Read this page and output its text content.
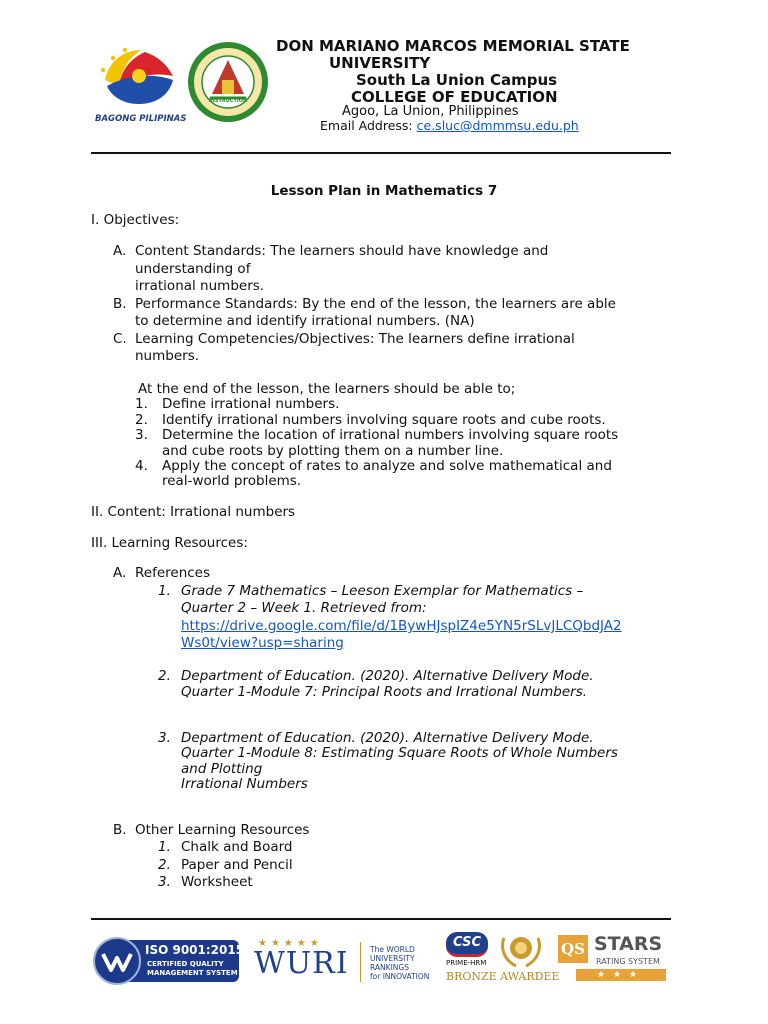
BAGONG PILIPINAS
INSTRUCTION
DON MARIANO MARCOS MEMORIAL STATE
UNIVERSITY
South La Union Campus
COLLEGE OF EDUCATION
Agoo, La Union, Philippines
Email Address: ce.sluc@dmmmsu.edu.ph
Lesson Plan in Mathematics 7
I. Objectives:
A. Content Standards: The learners should have knowledge and
understanding of
irrational numbers.
B. Performance Standards: By the end of the lesson, the learners are able
to determine and identify irrational numbers. (NA)
C. Learning Competencies/Objectives: The learners define irrational
numbers.
At the end of the lesson, the learners should be able to;
1. Define irrational numbers.
2. Identify irrational numbers involving square roots and cube roots.
3. Determine the location of irrational numbers involving square roots
and cube roots by plotting them on a number line.
4. Apply the concept of rates to analyze and solve mathematical and
real-world problems.
II. Content: Irrational numbers
III. Learning Resources:
A. References
1. Grade 7 Mathematics – Leeson Exemplar for Mathematics –
Quarter 2 – Week 1. Retrieved from:
https://drive.google.com/file/d/1BywHJspIZ4e5YN5rSLvJLCQbdJA2
Ws0t/view?usp=sharing
2. Department of Education. (2020). Alternative Delivery Mode.
Quarter 1-Module 7: Principal Roots and Irrational Numbers.
3. Department of Education. (2020). Alternative Delivery Mode.
Quarter 1-Module 8: Estimating Square Roots of Whole Numbers
and Plotting
Irrational Numbers
B. Other Learning Resources
1. Chalk and Board
2. Paper and Pencil
3. Worksheet
ISO 9001:2015
CERTIFIED QUALITY
MANAGEMENT SYSTEM
★★★★★
WURI	The WORLD
UNIVERSITY
RANKINGS
for INNOVATION
CSC
PRIME-HRM
BRONZE AWARDEE
QS STARS
RATING SYSTEM
★★★
